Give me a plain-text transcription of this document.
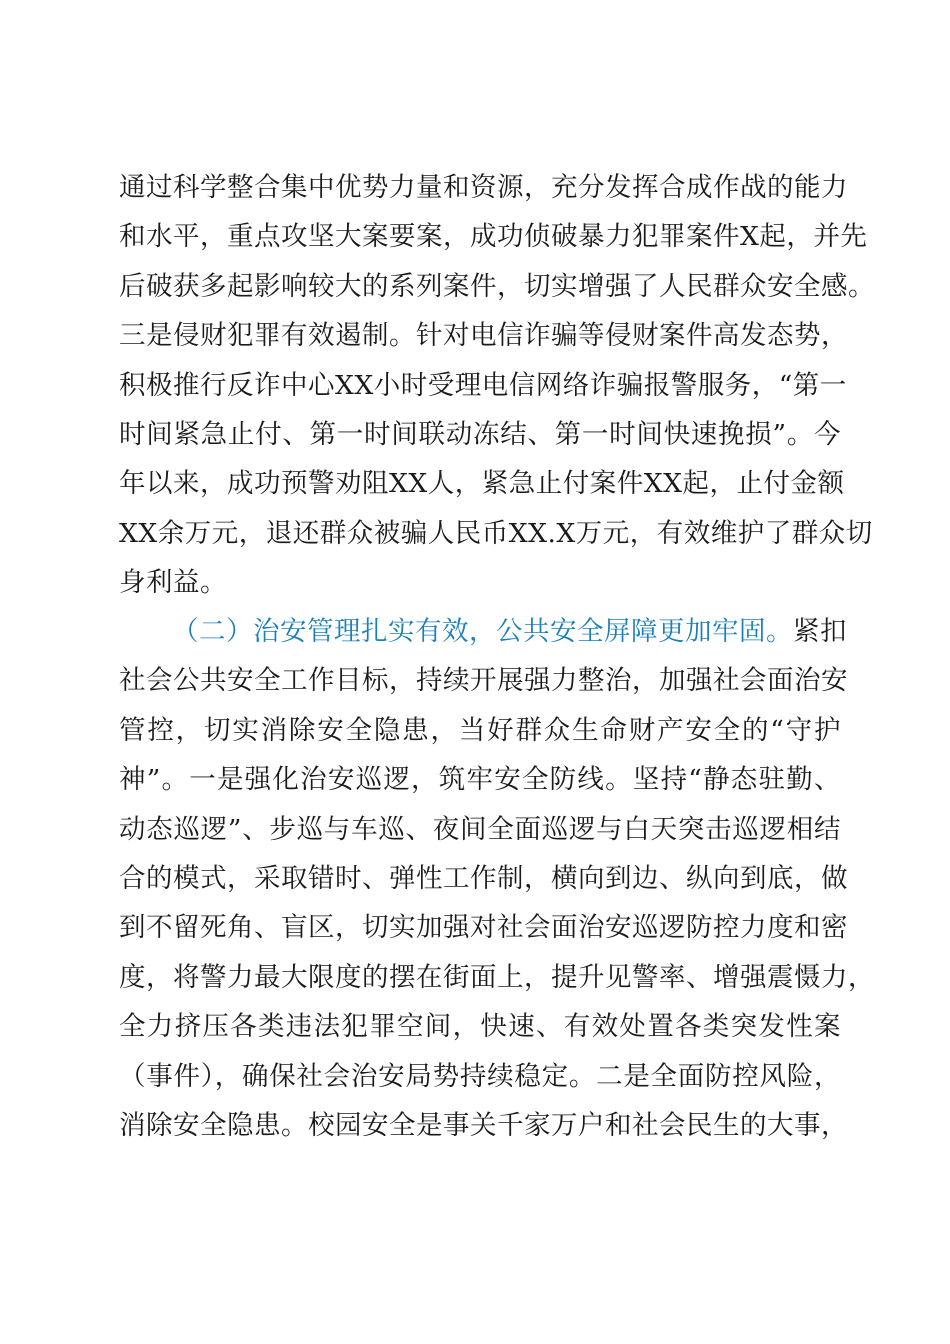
通过科学整合集中优势力量和资源，充分发挥合成作战的能力
和水平，重点攻坚大案要案，成功侦破暴力犯罪案件X起，并先
后破获多起影响较大的系列案件，切实增强了人民群众安全感。
三是侵财犯罪有效遏制。针对电信诈骗等侵财案件高发态势，
积极推行反诈中心XX小时受理电信网络诈骗报警服务，“第一
时间紧急止付、第一时间联动冻结、第一时间快速挽损”。今
年以来，成功预警劝阻XX人，紧急止付案件XX起，止付金额
XX余万元，退还群众被骗人民币XX.X万元，有效维护了群众切
身利益。
（二）治安管理扎实有效，公共安全屏障更加牢固。紧扣
社会公共安全工作目标，持续开展强力整治，加强社会面治安
管控，切实消除安全隐患，当好群众生命财产安全的“守护
神”。一是强化治安巡逻，筑牢安全防线。坚持“静态驻勤、
动态巡逻”、步巡与车巡、夜间全面巡逻与白天突击巡逻相结
合的模式，采取错时、弹性工作制，横向到边、纵向到底，做
到不留死角、盲区，切实加强对社会面治安巡逻防控力度和密
度，将警力最大限度的摆在街面上，提升见警率、增强震慑力，
全力挤压各类违法犯罪空间，快速、有效处置各类突发性案
（事件），确保社会治安局势持续稳定。二是全面防控风险，
消除安全隐患。校园安全是事关千家万户和社会民生的大事，
